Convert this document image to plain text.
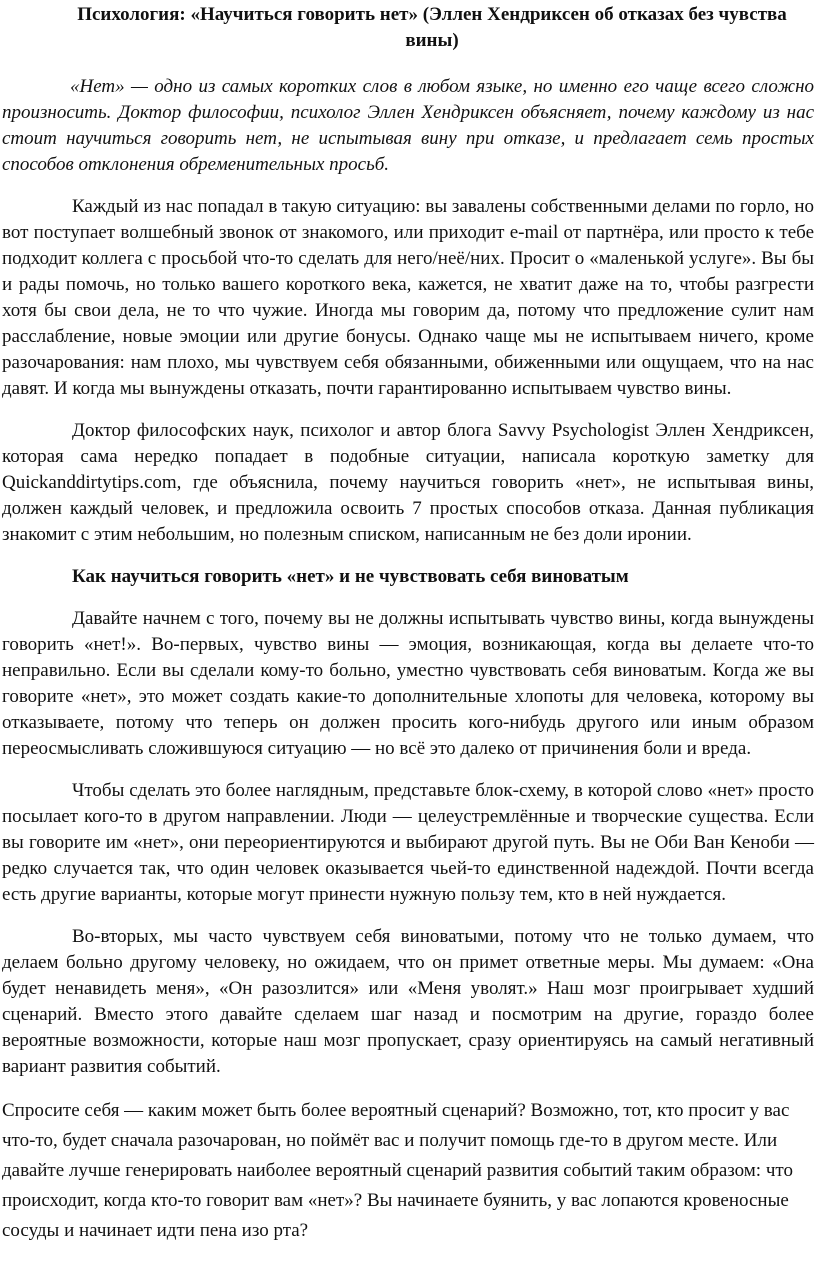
Психология: «Научиться говорить нет» (Эллен Хендриксен об отказах без чувства вины)

«Нет» — одно из самых коротких слов в любом языке, но именно его чаще всего сложно произносить. Доктор философии, психолог Эллен Хендриксен объясняет, почему каждому из нас стоит научиться говорить нет, не испытывая вину при отказе, и предлагает семь простых способов отклонения обременительных просьб.

Каждый из нас попадал в такую ситуацию: вы завалены собственными делами по горло, но вот поступает волшебный звонок от знакомого, или приходит e-mail от партнёра, или просто к тебе подходит коллега с просьбой что-то сделать для него/неё/них. Просит о «маленькой услуге». Вы бы и рады помочь, но только вашего короткого века, кажется, не хватит даже на то, чтобы разгрести хотя бы свои дела, не то что чужие. Иногда мы говорим да, потому что предложение сулит нам расслабление, новые эмоции или другие бонусы. Однако чаще мы не испытываем ничего, кроме разочарования: нам плохо, мы чувствуем себя обязанными, обиженными или ощущаем, что на нас давят. И когда мы вынуждены отказать, почти гарантированно испытываем чувство вины.

Доктор философских наук, психолог и автор блога Savvy Psychologist Эллен Хендриксен, которая сама нередко попадает в подобные ситуации, написала короткую заметку для Quickanddirtytips.com, где объяснила, почему научиться говорить «нет», не испытывая вины, должен каждый человек, и предложила освоить 7 простых способов отказа. Данная публикация знакомит с этим небольшим, но полезным списком, написанным не без доли иронии.

Как научиться говорить «нет» и не чувствовать себя виноватым

Давайте начнем с того, почему вы не должны испытывать чувство вины, когда вынуждены говорить «нет!». Во-первых, чувство вины — эмоция, возникающая, когда вы делаете что-то неправильно. Если вы сделали кому-то больно, уместно чувствовать себя виноватым. Когда же вы говорите «нет», это может создать какие-то дополнительные хлопоты для человека, которому вы отказываете, потому что теперь он должен просить кого-нибудь другого или иным образом переосмысливать сложившуюся ситуацию — но всё это далеко от причинения боли и вреда.

Чтобы сделать это более наглядным, представьте блок-схему, в которой слово «нет» просто посылает кого-то в другом направлении. Люди — целеустремлённые и творческие существа. Если вы говорите им «нет», они переориентируются и выбирают другой путь. Вы не Оби Ван Кеноби — редко случается так, что один человек оказывается чьей-то единственной надеждой. Почти всегда есть другие варианты, которые могут принести нужную пользу тем, кто в ней нуждается.

Во-вторых, мы часто чувствуем себя виноватыми, потому что не только думаем, что делаем больно другому человеку, но ожидаем, что он примет ответные меры. Мы думаем: «Она будет ненавидеть меня», «Он разозлится» или «Меня уволят.» Наш мозг проигрывает худший сценарий. Вместо этого давайте сделаем шаг назад и посмотрим на другие, гораздо более вероятные возможности, которые наш мозг пропускает, сразу ориентируясь на самый негативный вариант развития событий.

Спросите себя — каким может быть более вероятный сценарий? Возможно, тот, кто просит у вас что-то, будет сначала разочарован, но поймёт вас и получит помощь где-то в другом месте. Или давайте лучше генерировать наиболее вероятный сценарий развития событий таким образом: что происходит, когда кто-то говорит вам «нет»? Вы начинаете буянить, у вас лопаются кровеносные сосуды и начинает идти пена изо рта?
